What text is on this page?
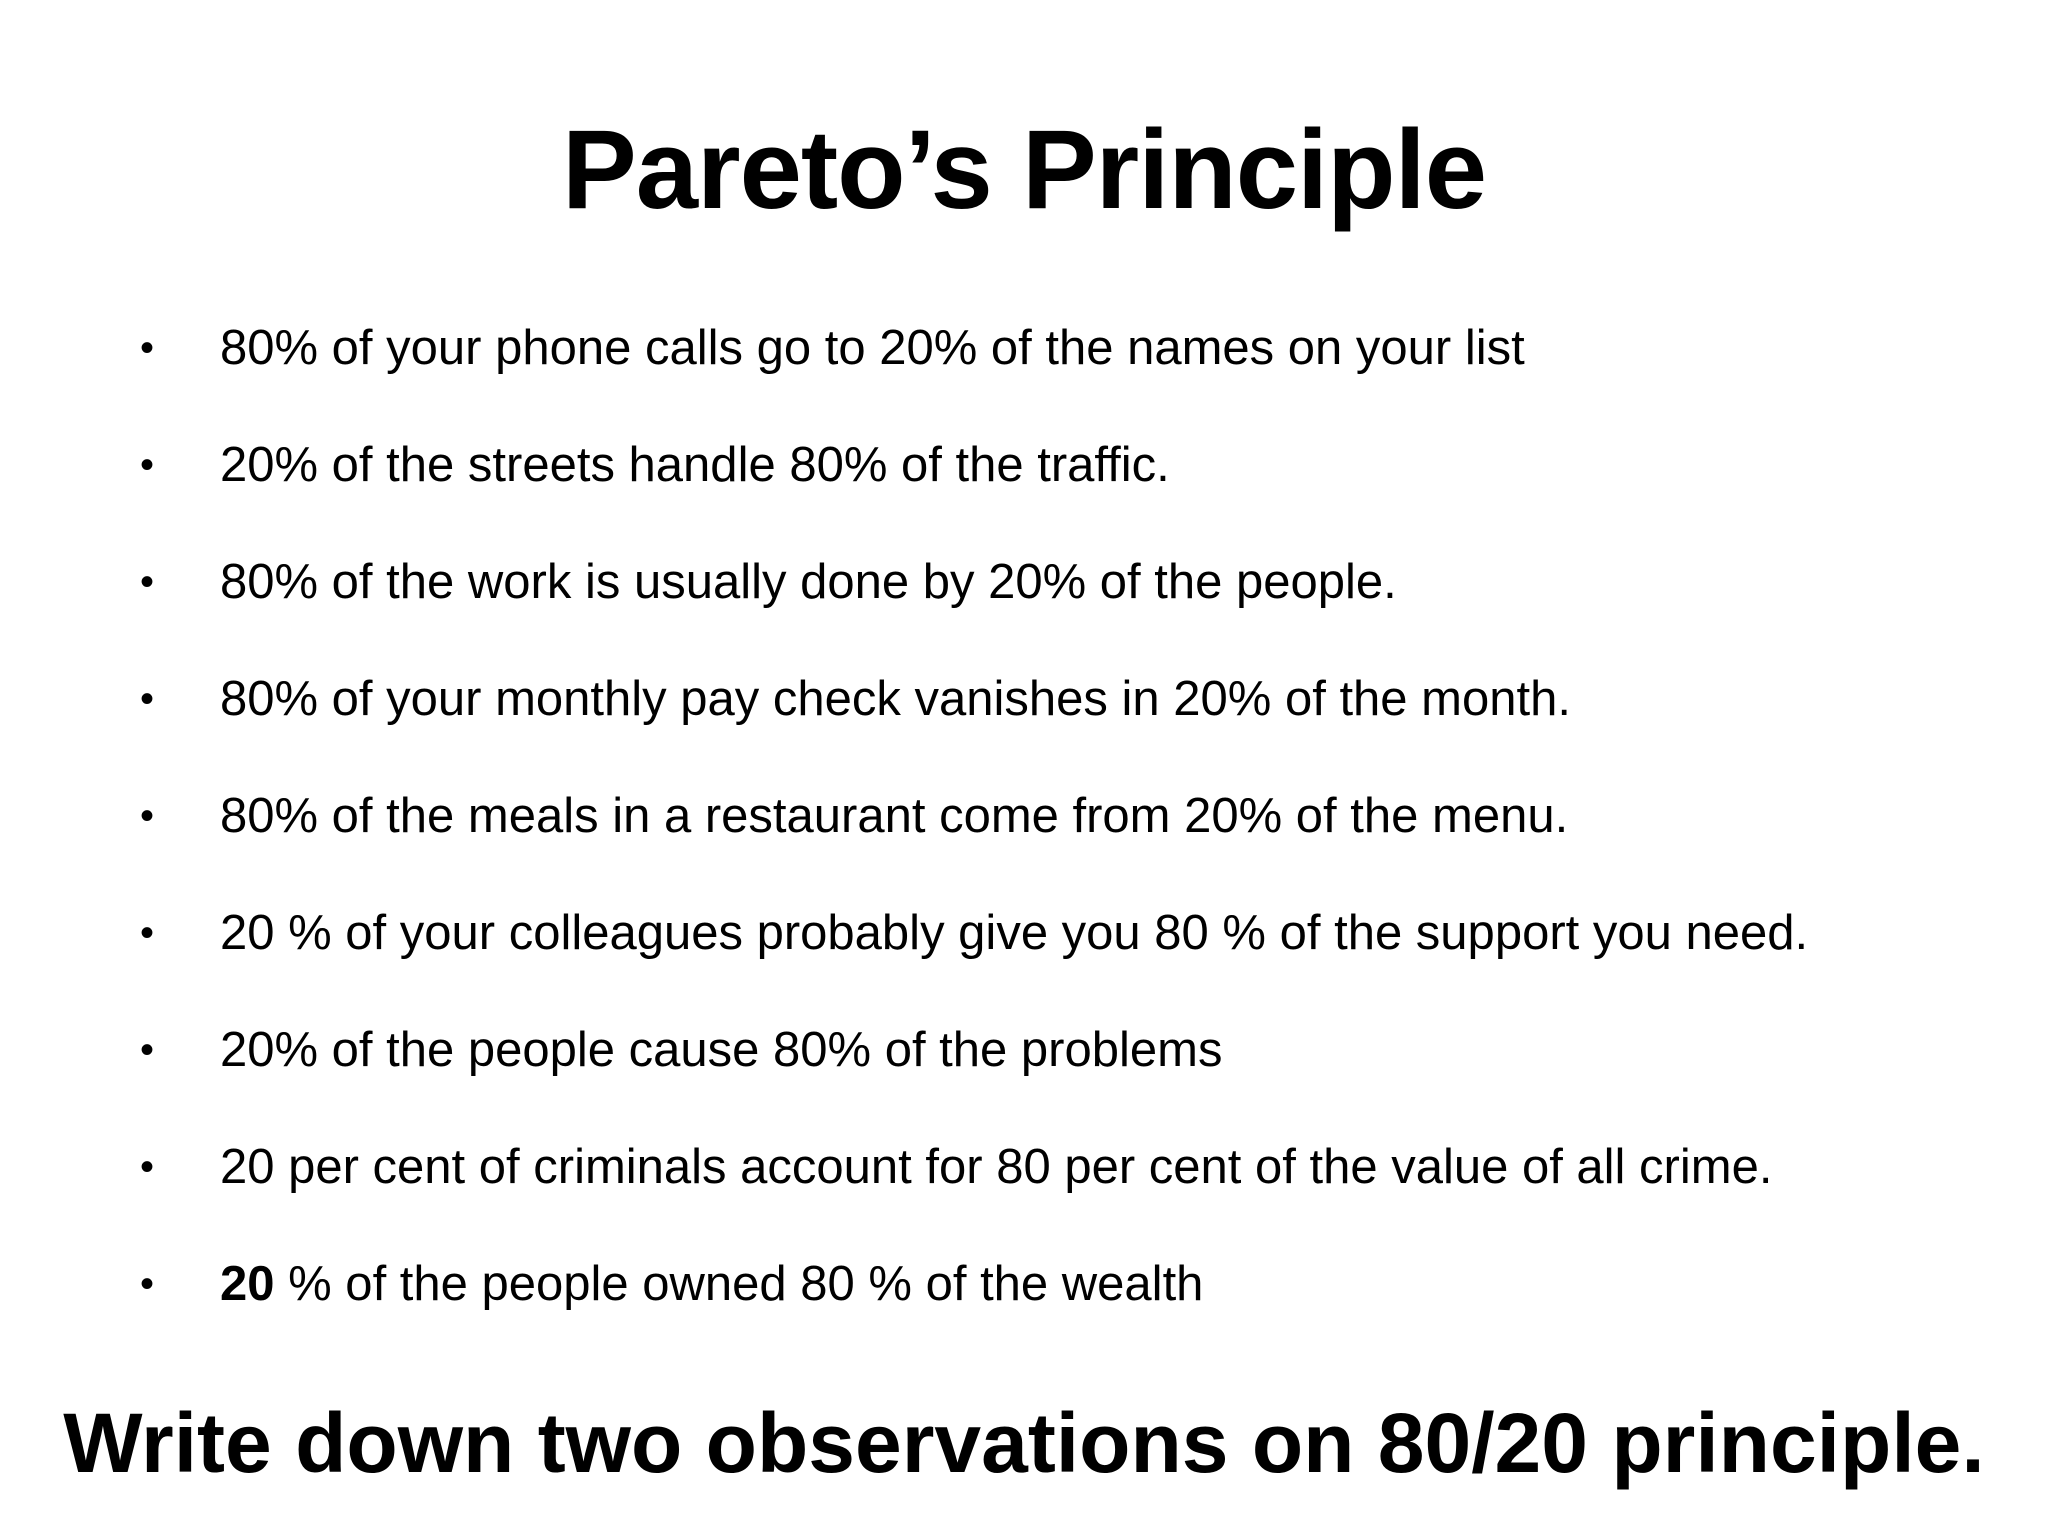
Pareto’s Principle
•	80% of your phone calls go to 20% of the names on your list
•	20% of the streets handle 80% of the traffic.
•	80% of the work is usually done by 20% of the people.
•	80% of your monthly pay check vanishes in 20% of the month.
•	80% of the meals in a restaurant come from 20% of the menu.
•	20 % of your colleagues probably give you 80 % of the support you need.
•	20% of the people cause 80% of the problems
•	20 per cent of criminals account for 80 per cent of the value of all crime.
•	20 % of the people owned 80 % of the wealth
Write down two observations on 80/20 principle.
